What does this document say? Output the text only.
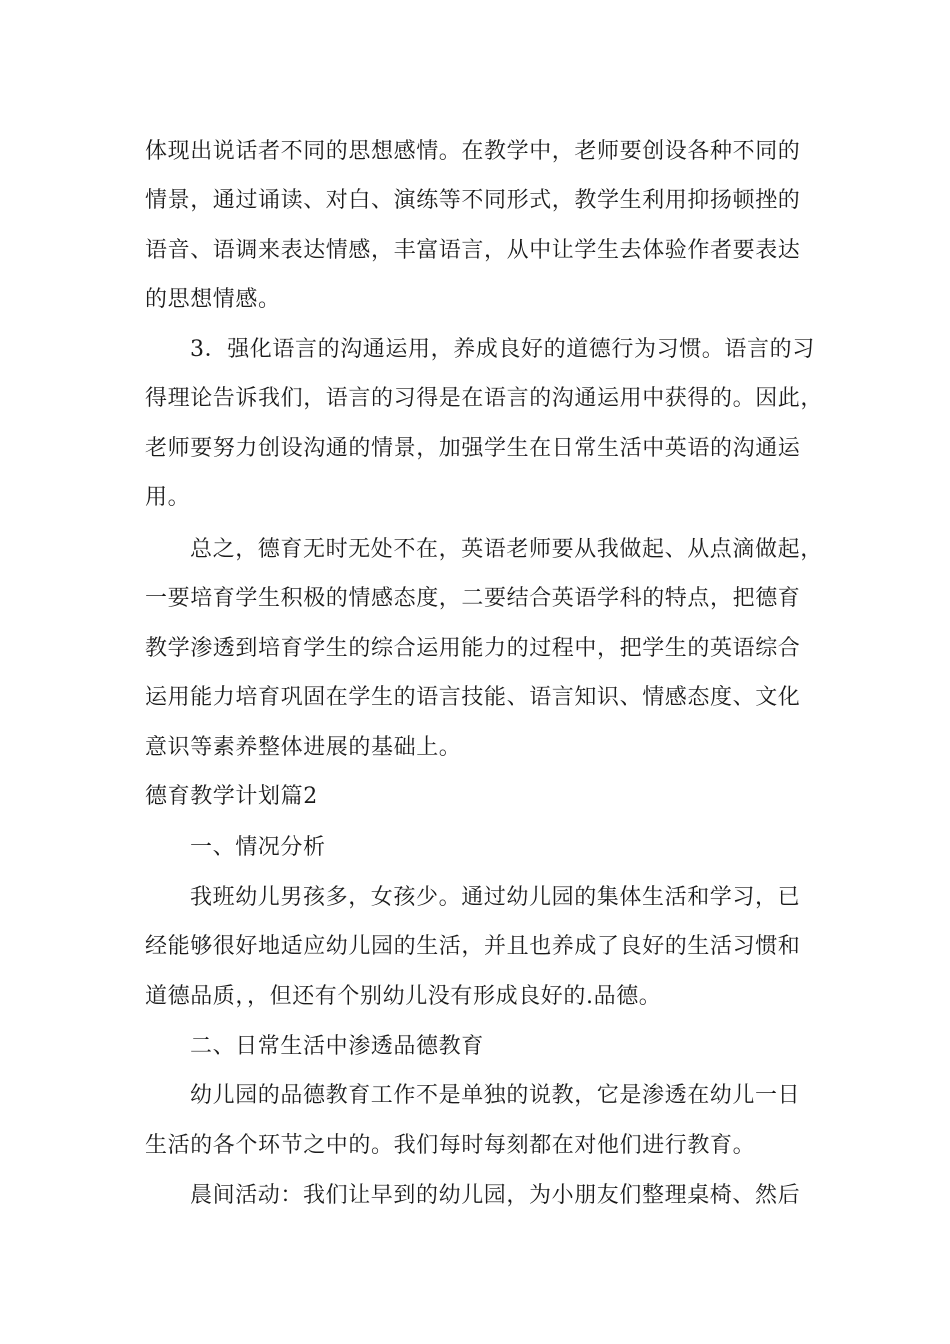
体现出说话者不同的思想感情。在教学中，老师要创设各种不同的
情景，通过诵读、对白、演练等不同形式，教学生利用抑扬顿挫的
语音、语调来表达情感，丰富语言，从中让学生去体验作者要表达
的思想情感。
3．强化语言的沟通运用，养成良好的道德行为习惯。语言的习
得理论告诉我们，语言的习得是在语言的沟通运用中获得的。因此，
老师要努力创设沟通的情景，加强学生在日常生活中英语的沟通运
用。
总之，德育无时无处不在，英语老师要从我做起、从点滴做起，
一要培育学生积极的情感态度，二要结合英语学科的特点，把德育
教学渗透到培育学生的综合运用能力的过程中，把学生的英语综合
运用能力培育巩固在学生的语言技能、语言知识、情感态度、文化
意识等素养整体进展的基础上。
德育教学计划篇2
一、情况分析
我班幼儿男孩多，女孩少。通过幼儿园的集体生活和学习，已
经能够很好地适应幼儿园的生活，并且也养成了良好的生活习惯和
道德品质，，但还有个别幼儿没有形成良好的.品德。
二、日常生活中渗透品德教育
幼儿园的品德教育工作不是单独的说教，它是渗透在幼儿一日
生活的各个环节之中的。我们每时每刻都在对他们进行教育。
晨间活动：我们让早到的幼儿园，为小朋友们整理桌椅、然后
